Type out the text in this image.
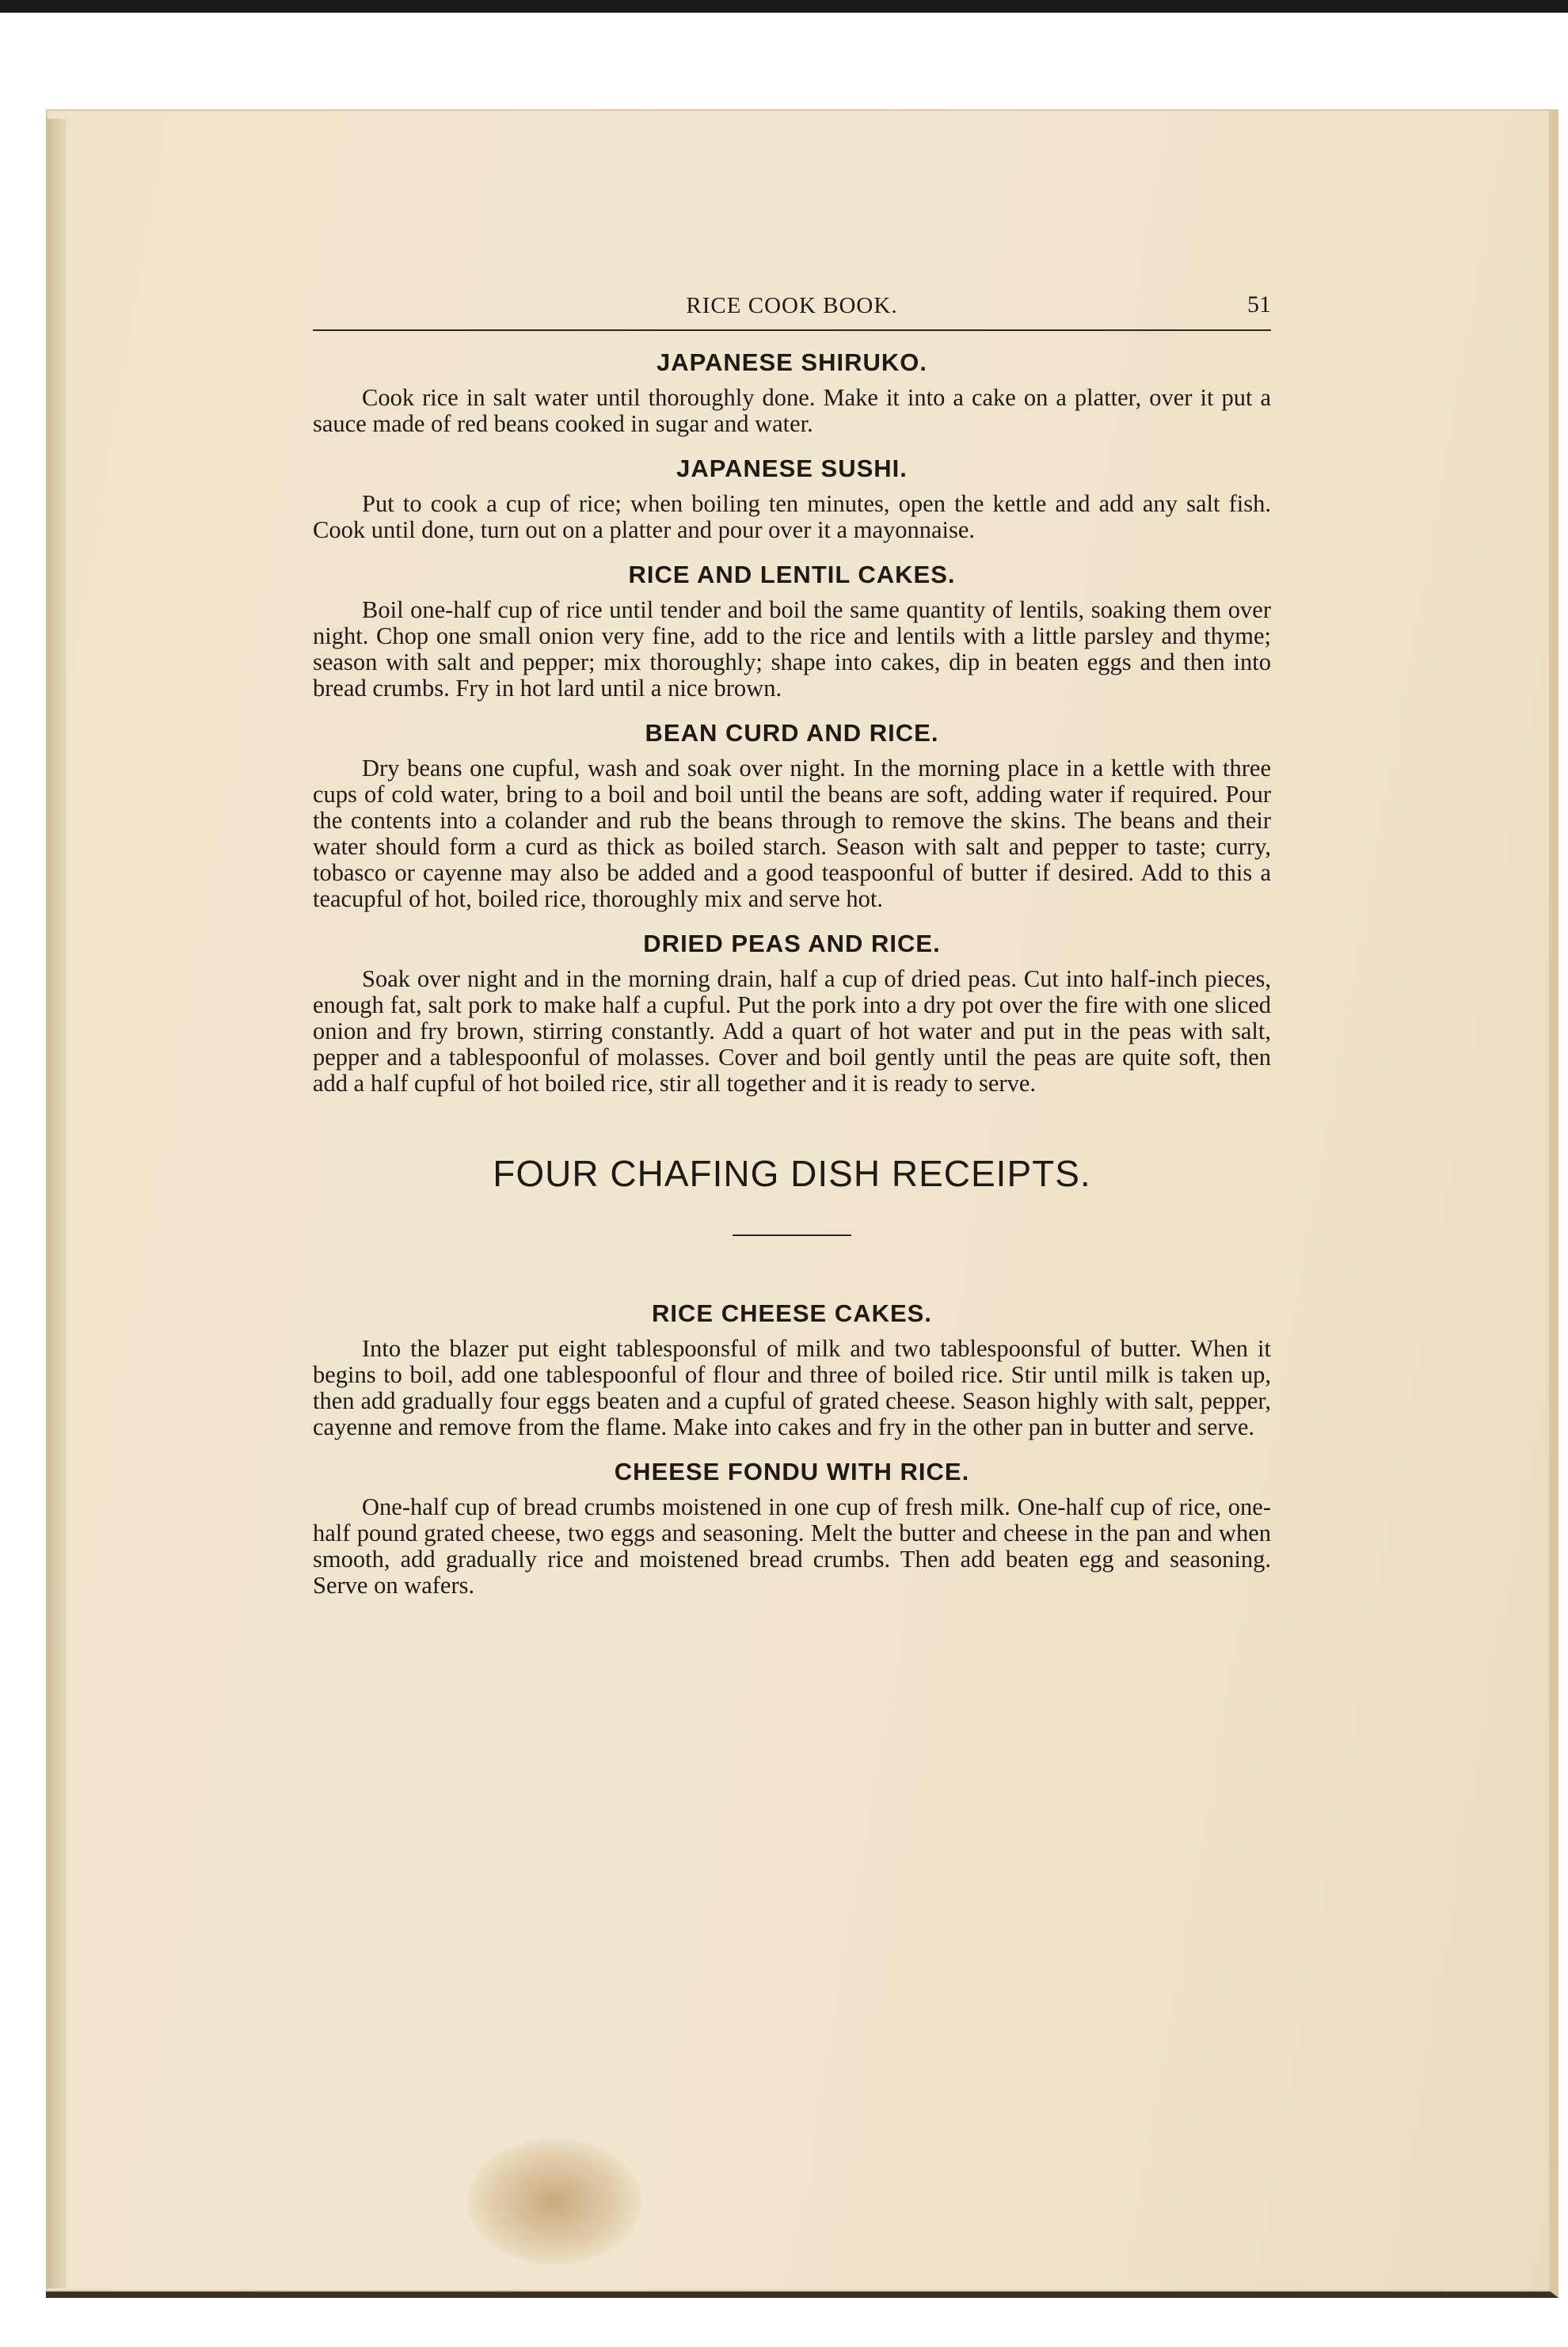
RICE COOK BOOK.	51
JAPANESE SHIRUKO.

Cook rice in salt water until thoroughly done. Make it into a cake on a platter, over it put a sauce made of red beans cooked in sugar and water.

JAPANESE SUSHI.

Put to cook a cup of rice; when boiling ten minutes, open the kettle and add any salt fish. Cook until done, turn out on a platter and pour over it a mayonnaise.

RICE AND LENTIL CAKES.

Boil one-half cup of rice until tender and boil the same quantity of lentils, soaking them over night. Chop one small onion very fine, add to the rice and lentils with a little parsley and thyme; season with salt and pepper; mix thoroughly; shape into cakes, dip in beaten eggs and then into bread crumbs. Fry in hot lard until a nice brown.

BEAN CURD AND RICE.

Dry beans one cupful, wash and soak over night. In the morning place in a kettle with three cups of cold water, bring to a boil and boil until the beans are soft, adding water if required. Pour the contents into a colander and rub the beans through to remove the skins. The beans and their water should form a curd as thick as boiled starch. Season with salt and pepper to taste; curry, tobasco or cayenne may also be added and a good teaspoonful of butter if desired. Add to this a teacupful of hot, boiled rice, thoroughly mix and serve hot.

DRIED PEAS AND RICE.

Soak over night and in the morning drain, half a cup of dried peas. Cut into half-inch pieces, enough fat, salt pork to make half a cupful. Put the pork into a dry pot over the fire with one sliced onion and fry brown, stirring constantly. Add a quart of hot water and put in the peas with salt, pepper and a tablespoonful of molasses. Cover and boil gently until the peas are quite soft, then add a half cupful of hot boiled rice, stir all together and it is ready to serve.

FOUR CHAFING DISH RECEIPTS.
RICE CHEESE CAKES.

Into the blazer put eight tablespoonsful of milk and two tablespoonsful of butter. When it begins to boil, add one tablespoonful of flour and three of boiled rice. Stir until milk is taken up, then add gradually four eggs beaten and a cupful of grated cheese. Season highly with salt, pepper, cayenne and remove from the flame. Make into cakes and fry in the other pan in butter and serve.

CHEESE FONDU WITH RICE.

One-half cup of bread crumbs moistened in one cup of fresh milk. One-half cup of rice, one-half pound grated cheese, two eggs and seasoning. Melt the butter and cheese in the pan and when smooth, add gradually rice and moistened bread crumbs. Then add beaten egg and seasoning. Serve on wafers.
